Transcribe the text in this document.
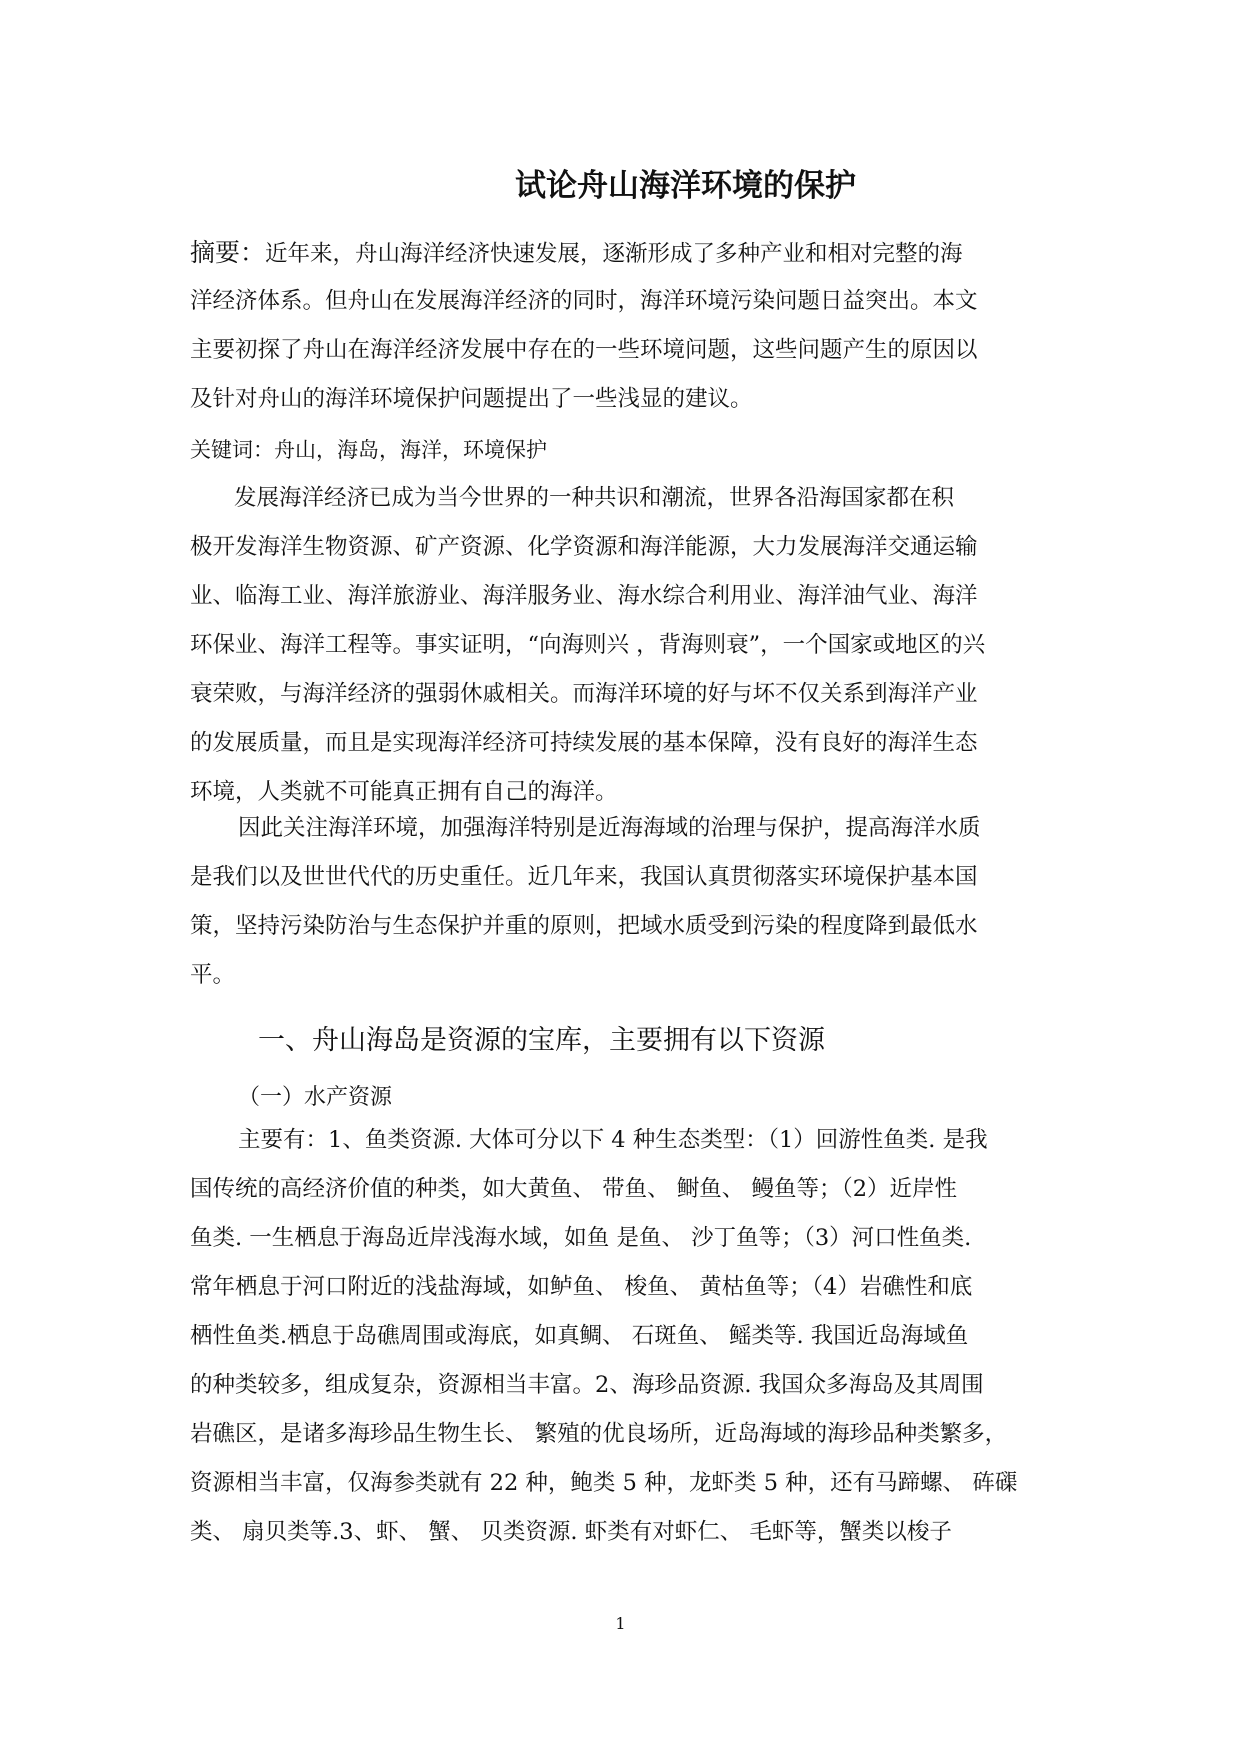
试论舟山海洋环境的保护
摘要：近年来，舟山海洋经济快速发展，逐渐形成了多种产业和相对完整的海
洋经济体系。但舟山在发展海洋经济的同时，海洋环境污染问题日益突出。本文
主要初探了舟山在海洋经济发展中存在的一些环境问题，这些问题产生的原因以
及针对舟山的海洋环境保护问题提出了一些浅显的建议。
关键词：舟山，海岛，海洋，环境保护
发展海洋经济已成为当今世界的一种共识和潮流，世界各沿海国家都在积
极开发海洋生物资源、矿产资源、化学资源和海洋能源，大力发展海洋交通运输
业、临海工业、海洋旅游业、海洋服务业、海水综合利用业、海洋油气业、海洋
环保业、海洋工程等。事实证明，“向海则兴 ，背海则衰”，一个国家或地区的兴
衰荣败，与海洋经济的强弱休戚相关。而海洋环境的好与坏不仅关系到海洋产业
的发展质量，而且是实现海洋经济可持续发展的基本保障，没有良好的海洋生态
环境，人类就不可能真正拥有自己的海洋。
因此关注海洋环境，加强海洋特别是近海海域的治理与保护，提高海洋水质
是我们以及世世代代的历史重任。近几年来，我国认真贯彻落实环境保护基本国
策，坚持污染防治与生态保护并重的原则，把域水质受到污染的程度降到最低水
平。
一、舟山海岛是资源的宝库，主要拥有以下资源
（一）水产资源
主要有：1、鱼类资源. 大体可分以下 4 种生态类型：（1）回游性鱼类. 是我
国传统的高经济价值的种类，如大黄鱼、 带鱼、 鲥鱼、 鳗鱼等；（2）近岸性
鱼类. 一生栖息于海岛近岸浅海水域，如鱼 是鱼、 沙丁鱼等；（3）河口性鱼类.
常年栖息于河口附近的浅盐海域，如鲈鱼、 梭鱼、 黄枯鱼等；（4）岩礁性和底
栖性鱼类.栖息于岛礁周围或海底，如真鲷、 石斑鱼、 鳐类等. 我国近岛海域鱼
的种类较多，组成复杂，资源相当丰富。2、海珍品资源. 我国众多海岛及其周围
岩礁区，是诸多海珍品生物生长、 繁殖的优良场所，近岛海域的海珍品种类繁多，
资源相当丰富，仅海参类就有 22 种，鲍类 5 种，龙虾类 5 种，还有马蹄螺、 砗磲
类、 扇贝类等.3、虾、 蟹、 贝类资源. 虾类有对虾仁、 毛虾等，蟹类以梭子
1
